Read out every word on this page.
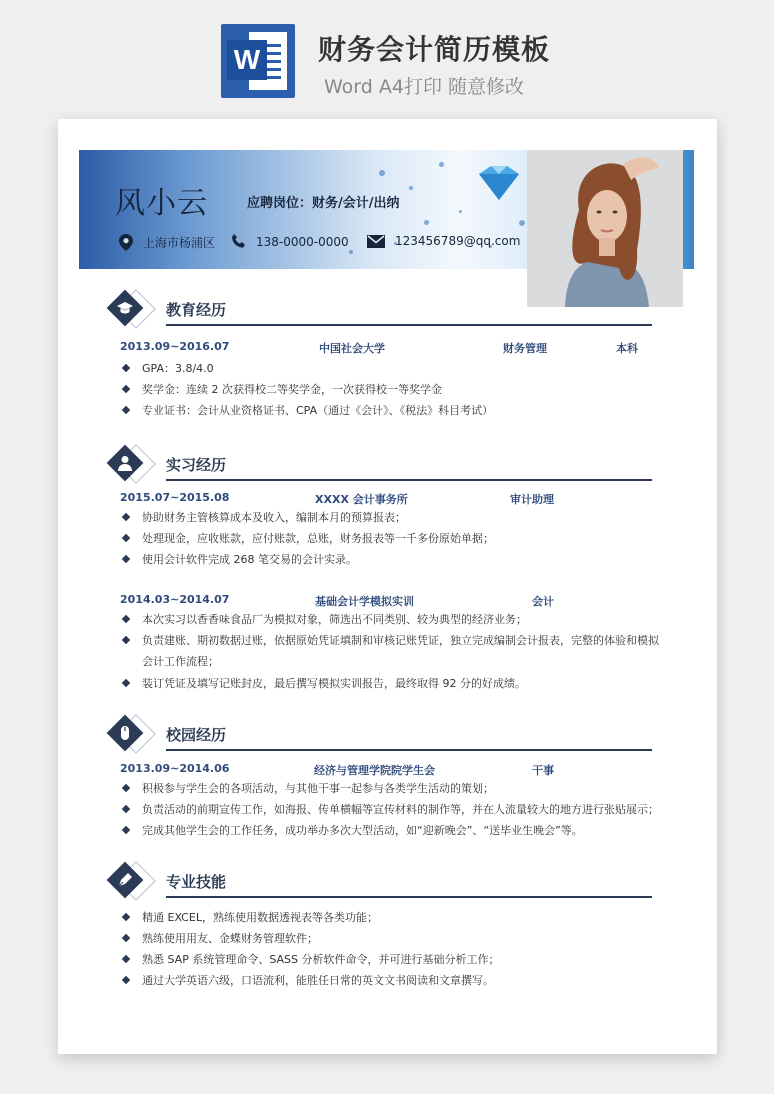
W 财务会计简历模板
Word A4打印 随意修改
风小云	应聘岗位：财务/会计/出纳
上海市杨浦区	138-0000-0000	123456789@qq.com
教育经历
2013.09~2016.07	中国社会大学	财务管理	本科
GPA：3.8/4.0
奖学金：连续 2 次获得校二等奖学金，一次获得校一等奖学金
专业证书：会计从业资格证书、CPA（通过《会计》、《税法》科目考试）
实习经历
2015.07~2015.08	XXXX 会计事务所	审计助理
协助财务主管核算成本及收入，编制本月的预算报表；
处理现金，应收账款，应付账款，总账，财务报表等一千多份原始单据；
使用会计软件完成 268 笔交易的会计实录。
2014.03~2014.07	基础会计学模拟实训	会计
本次实习以香香味食品厂为模拟对象，筛选出不同类别、较为典型的经济业务；
负责建账、期初数据过账，依据原始凭证填制和审核记账凭证，独立完成编制会计报表，完整的体验和模拟
会计工作流程；
装订凭证及填写记账封皮，最后撰写模拟实训报告，最终取得 92 分的好成绩。
校园经历
2013.09~2014.06	经济与管理学院院学生会	干事
积极参与学生会的各项活动，与其他干事一起参与各类学生活动的策划；
负责活动的前期宣传工作，如海报、传单横幅等宣传材料的制作等，并在人流量较大的地方进行张贴展示；
完成其他学生会的工作任务，成功举办多次大型活动，如“迎新晚会”、“送毕业生晚会”等。
专业技能
精通 EXCEL，熟练使用数据透视表等各类功能；
熟练使用用友、金蝶财务管理软件；
熟悉 SAP 系统管理命令、SASS 分析软件命令，并可进行基础分析工作；
通过大学英语六级，口语流利，能胜任日常的英文文书阅读和文章撰写。
